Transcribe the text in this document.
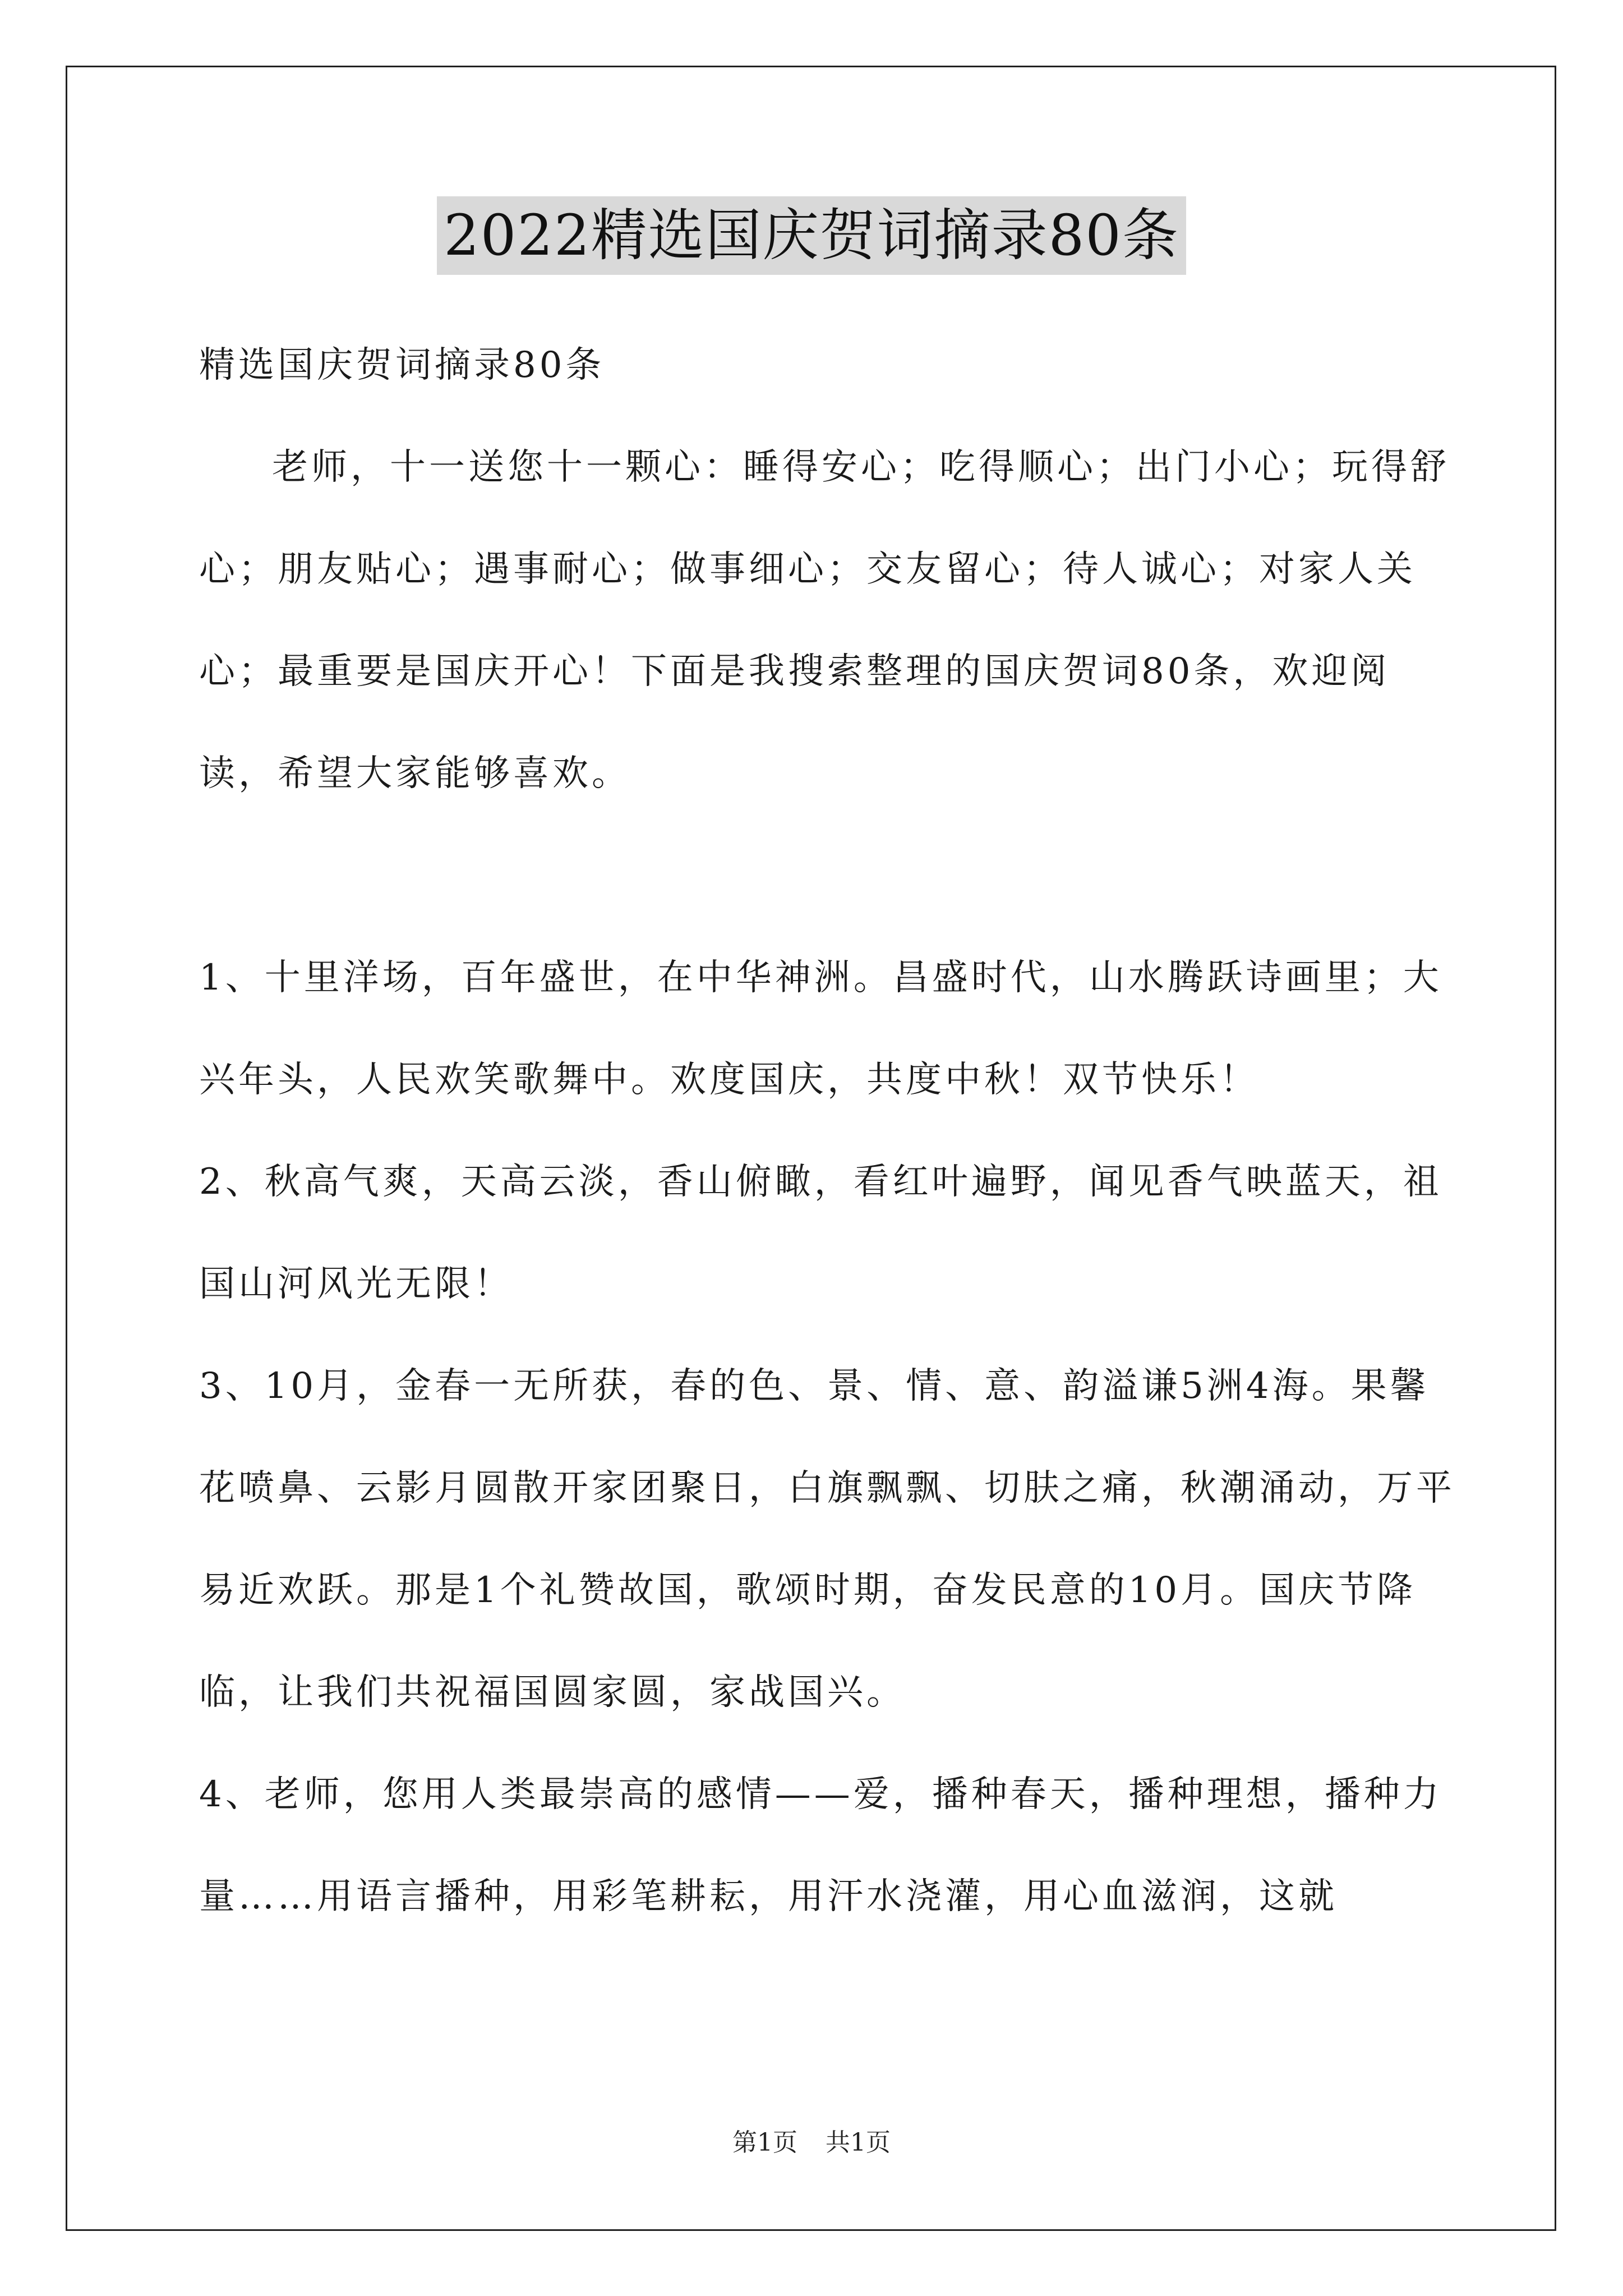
2022精选国庆贺词摘录80条

精选国庆贺词摘录80条

老师，十一送您十一颗心：睡得安心；吃得顺心；出门小心；玩得舒心；朋友贴心；遇事耐心；做事细心；交友留心；待人诚心；对家人关心；最重要是国庆开心！下面是我搜索整理的国庆贺词80条，欢迎阅读，希望大家能够喜欢。

1、十里洋场，百年盛世，在中华神洲。昌盛时代，山水腾跃诗画里；大兴年头，人民欢笑歌舞中。欢度国庆，共度中秋！双节快乐！

2、秋高气爽，天高云淡，香山俯瞰，看红叶遍野，闻见香气映蓝天，祖国山河风光无限！

3、10月，金春一无所获，春的色、景、情、意、韵溢谦5洲4海。果馨花喷鼻、云影月圆散开家团聚日，白旗飘飘、切肤之痛，秋潮涌动，万平易近欢跃。那是1个礼赞故国，歌颂时期，奋发民意的10月。国庆节降临，让我们共祝福国圆家圆，家战国兴。

4、老师，您用人类最崇高的感情——爱，播种春天，播种理想，播种力量……用语言播种，用彩笔耕耘，用汗水浇灌，用心血滋润，这就

第1页 共1页
